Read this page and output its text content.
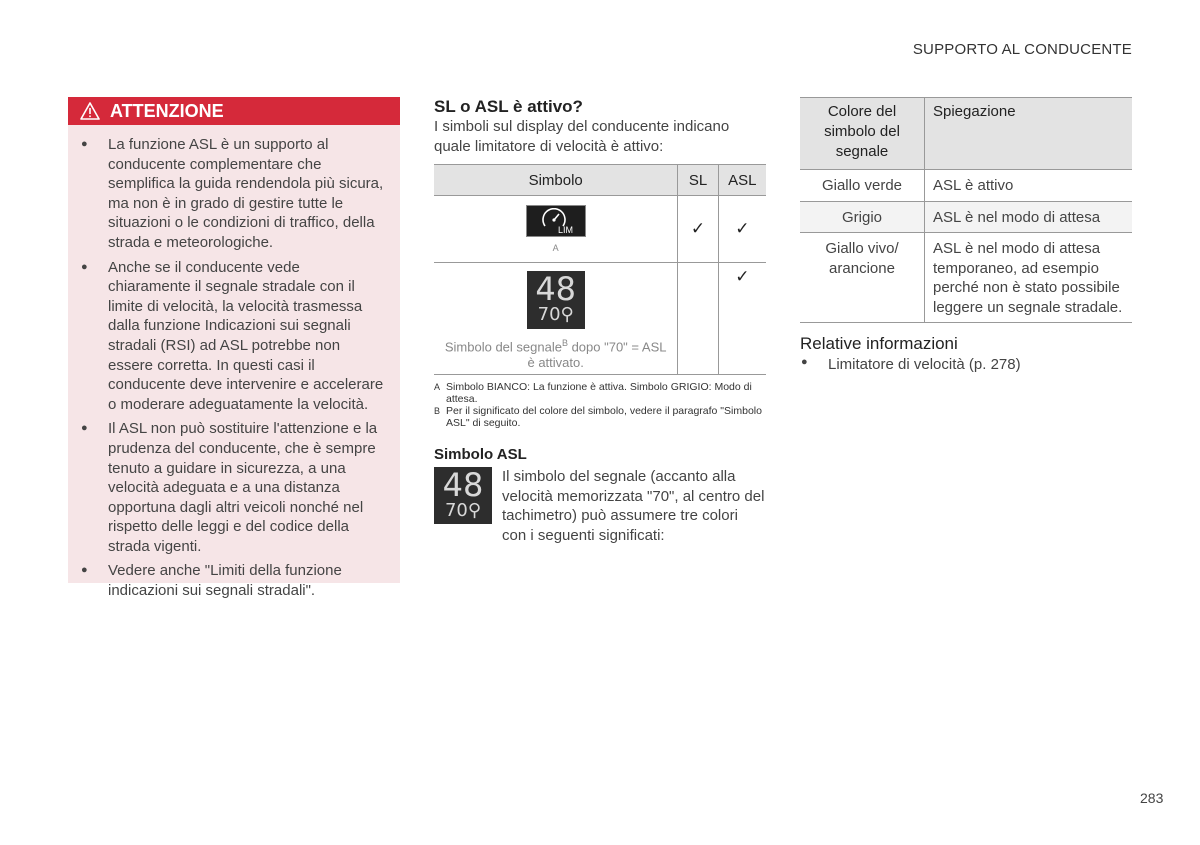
SUPPORTO AL CONDUCENTE
ATTENZIONE
● La funzione ASL è un supporto al conducente complementare che semplifica la guida rendendola più sicura, ma non è in grado di gestire tutte le situazioni o le condizioni di traffico, della strada e meteorologiche.
● Anche se il conducente vede chiaramente il segnale stradale con il limite di velocità, la velocità trasmessa dalla funzione Indicazioni sui segnali stradali (RSI) ad ASL potrebbe non essere corretta. In questi casi il conducente deve intervenire e accelerare o moderare adeguatamente la velocità.
● Il ASL non può sostituire l'attenzione e la prudenza del conducente, che è sempre tenuto a guidare in sicurezza, a una velocità adeguata e a una distanza opportuna dagli altri veicoli nonché nel rispetto delle leggi e del codice della strada vigenti.
● Vedere anche "Limiti della funzione indicazioni sui segnali stradali".
SL o ASL è attivo?
I simboli sul display del conducente indicano quale limitatore di velocità è attivo:
Simbolo	SL	ASL

LIM
A	✓	✓

48
70⚲
Simbolo del segnale$^B$ dopo "70" = ASL è attivato.		✓
A Simbolo BIANCO: La funzione è attiva. Simbolo GRIGIO: Modo di attesa.
B Per il significato del colore del simbolo, vedere il paragrafo "Simbolo ASL" di seguito.
Simbolo ASL
48
70⚲
Il simbolo del segnale (accanto alla velocità memorizzata "70", al centro del tachimetro) può assumere tre colori con i seguenti significati:
Colore del simbolo del segnale	Spiegazione
Giallo verde	ASL è attivo
Grigio	ASL è nel modo di attesa
Giallo vivo/ arancione	ASL è nel modo di attesa temporaneo, ad esempio perché non è stato possibile leggere un segnale stradale.
Relative informazioni
● Limitatore di velocità (p. 278)
283
